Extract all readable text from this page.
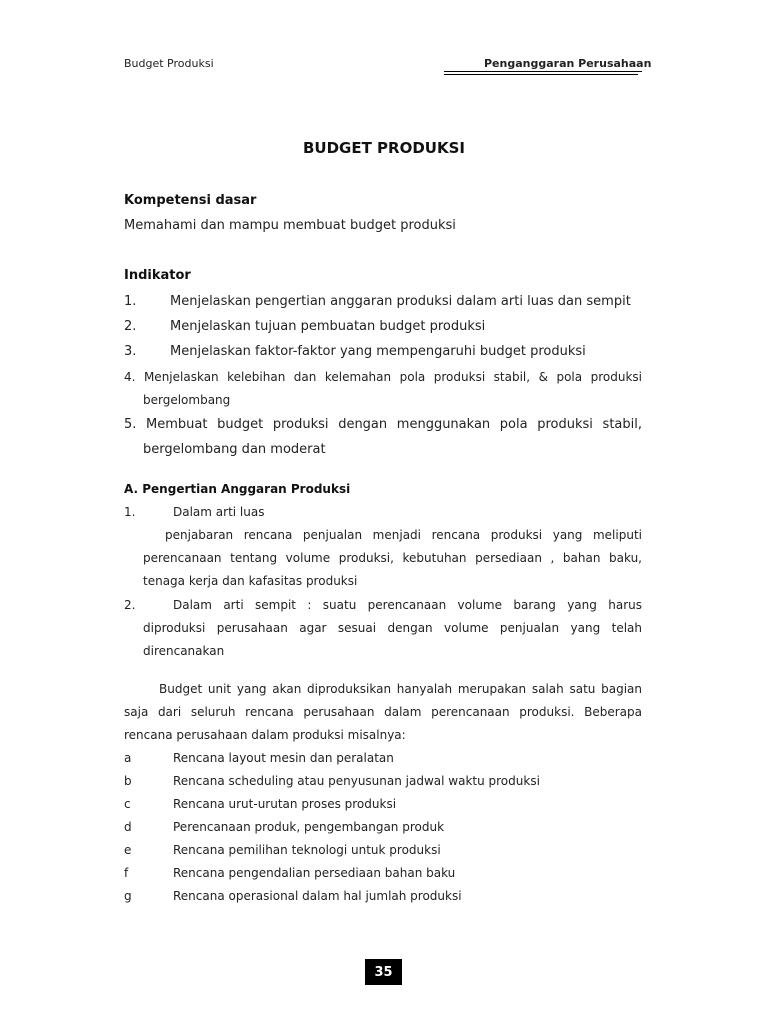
Budget Produksi	Penganggaran Perusahaan
BUDGET PRODUKSI
Kompetensi dasar
Memahami dan mampu membuat budget produksi
Indikator
1.	Menjelaskan pengertian anggaran produksi dalam arti luas dan sempit
2.	Menjelaskan tujuan pembuatan budget produksi
3.	Menjelaskan faktor-faktor yang mempengaruhi budget produksi
4. Menjelaskan kelebihan dan kelemahan pola produksi stabil, & pola produksi
bergelombang
5. Membuat budget produksi dengan menggunakan pola produksi stabil,
bergelombang dan moderat
A. Pengertian Anggaran Produksi
1.	Dalam arti luas
penjabaran rencana penjualan menjadi rencana produksi yang meliputi
perencanaan tentang volume produksi, kebutuhan persediaan , bahan baku,
tenaga kerja dan kafasitas produksi
2.	Dalam arti sempit : suatu perencanaan volume barang yang harus
diproduksi perusahaan agar sesuai dengan volume penjualan yang telah
direncanakan
Budget unit yang akan diproduksikan hanyalah merupakan salah satu bagian
saja dari seluruh rencana perusahaan dalam perencanaan produksi. Beberapa
rencana perusahaan dalam produksi misalnya:
a	Rencana layout mesin dan peralatan
b	Rencana scheduling atau penyusunan jadwal waktu produksi
c	Rencana urut-urutan proses produksi
d	Perencanaan produk, pengembangan produk
e	Rencana pemilihan teknologi untuk produksi
f	Rencana pengendalian persediaan bahan baku
g	Rencana operasional dalam hal jumlah produksi
35
